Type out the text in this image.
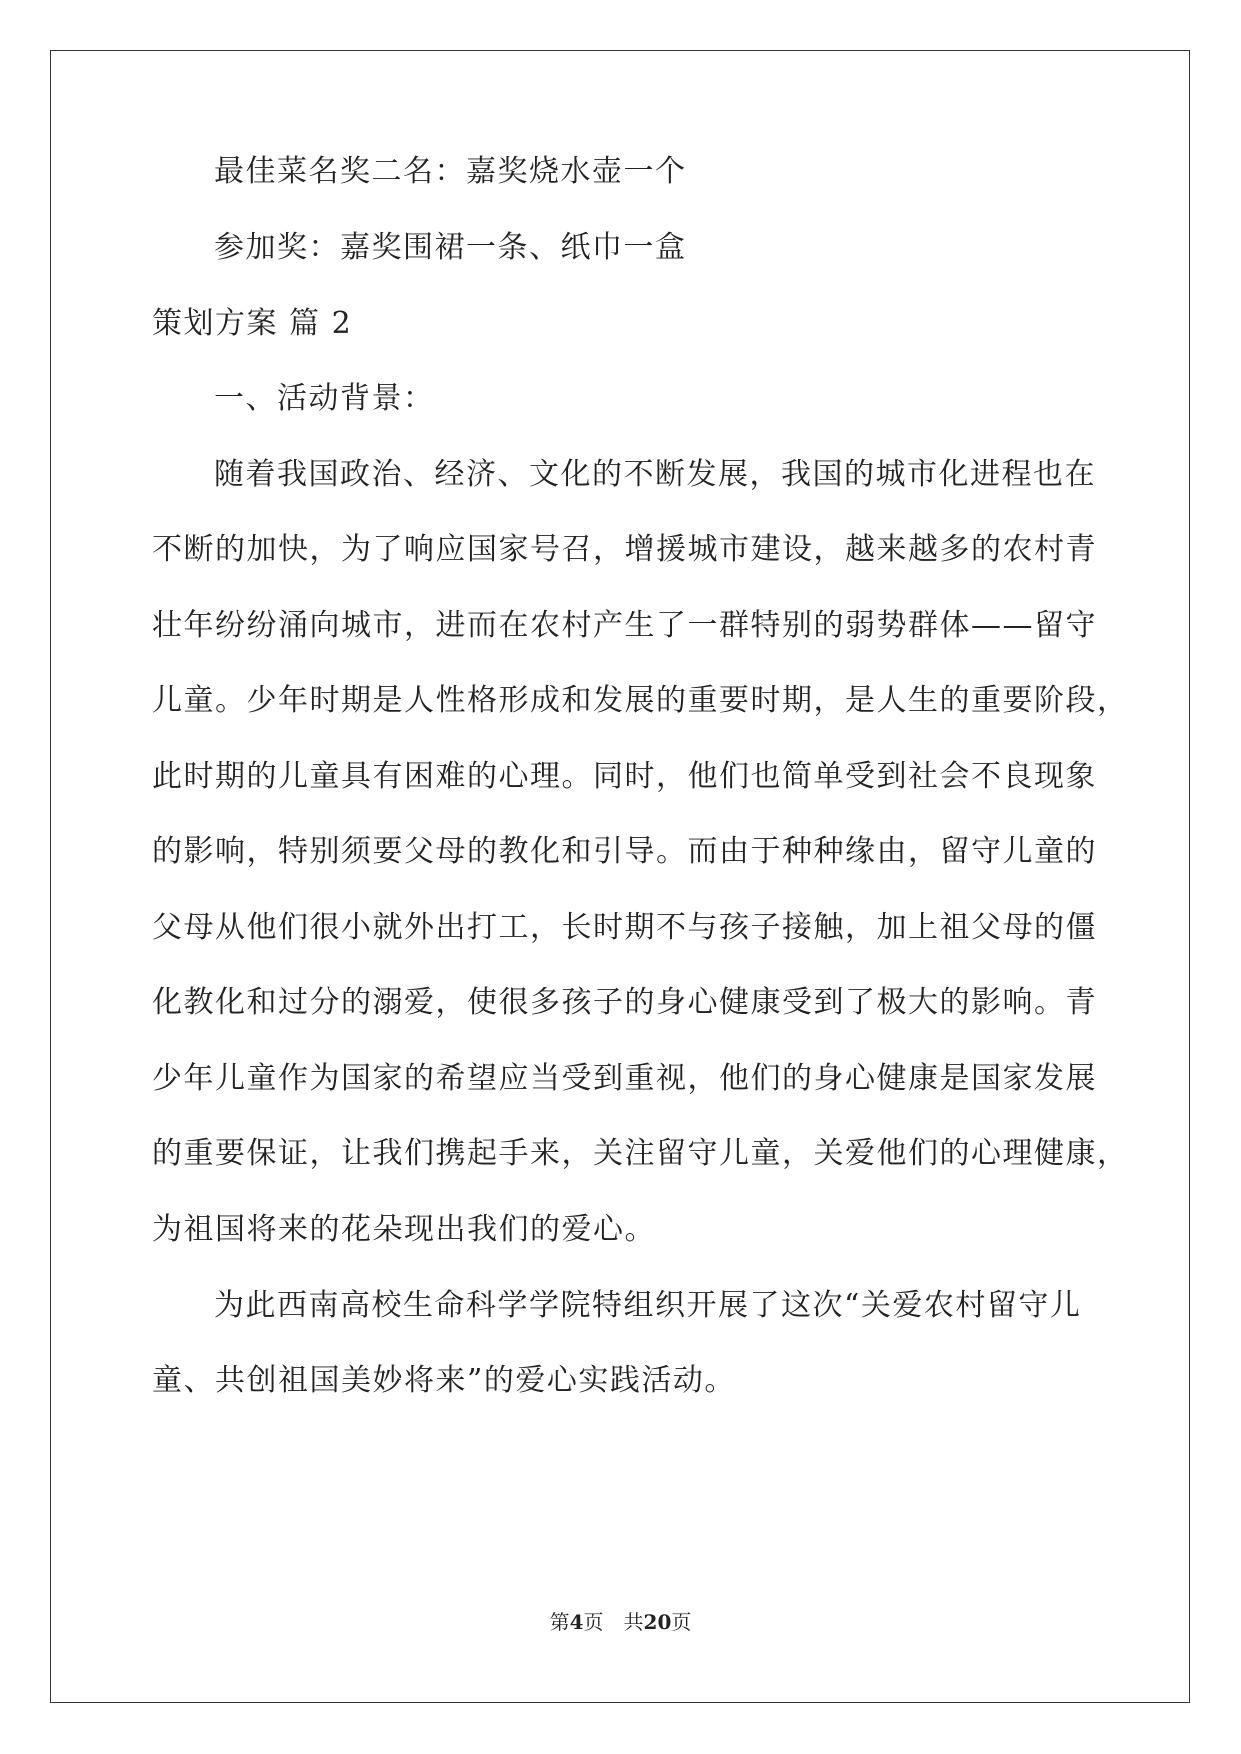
最佳菜名奖二名：嘉奖烧水壶一个
参加奖：嘉奖围裙一条、纸巾一盒
策划方案 篇 2
一、活动背景：
随着我国政治、经济、文化的不断发展，我国的城市化进程也在
不断的加快，为了响应国家号召，增援城市建设，越来越多的农村青
壮年纷纷涌向城市，进而在农村产生了一群特别的弱势群体——留守
儿童。少年时期是人性格形成和发展的重要时期，是人生的重要阶段，
此时期的儿童具有困难的心理。同时，他们也简单受到社会不良现象
的影响，特别须要父母的教化和引导。而由于种种缘由，留守儿童的
父母从他们很小就外出打工，长时期不与孩子接触，加上祖父母的僵
化教化和过分的溺爱，使很多孩子的身心健康受到了极大的影响。青
少年儿童作为国家的希望应当受到重视，他们的身心健康是国家发展
的重要保证，让我们携起手来，关注留守儿童，关爱他们的心理健康，
为祖国将来的花朵现出我们的爱心。
为此西南高校生命科学学院特组织开展了这次“关爱农村留守儿
童、共创祖国美妙将来”的爱心实践活动。
第4页　共20页
